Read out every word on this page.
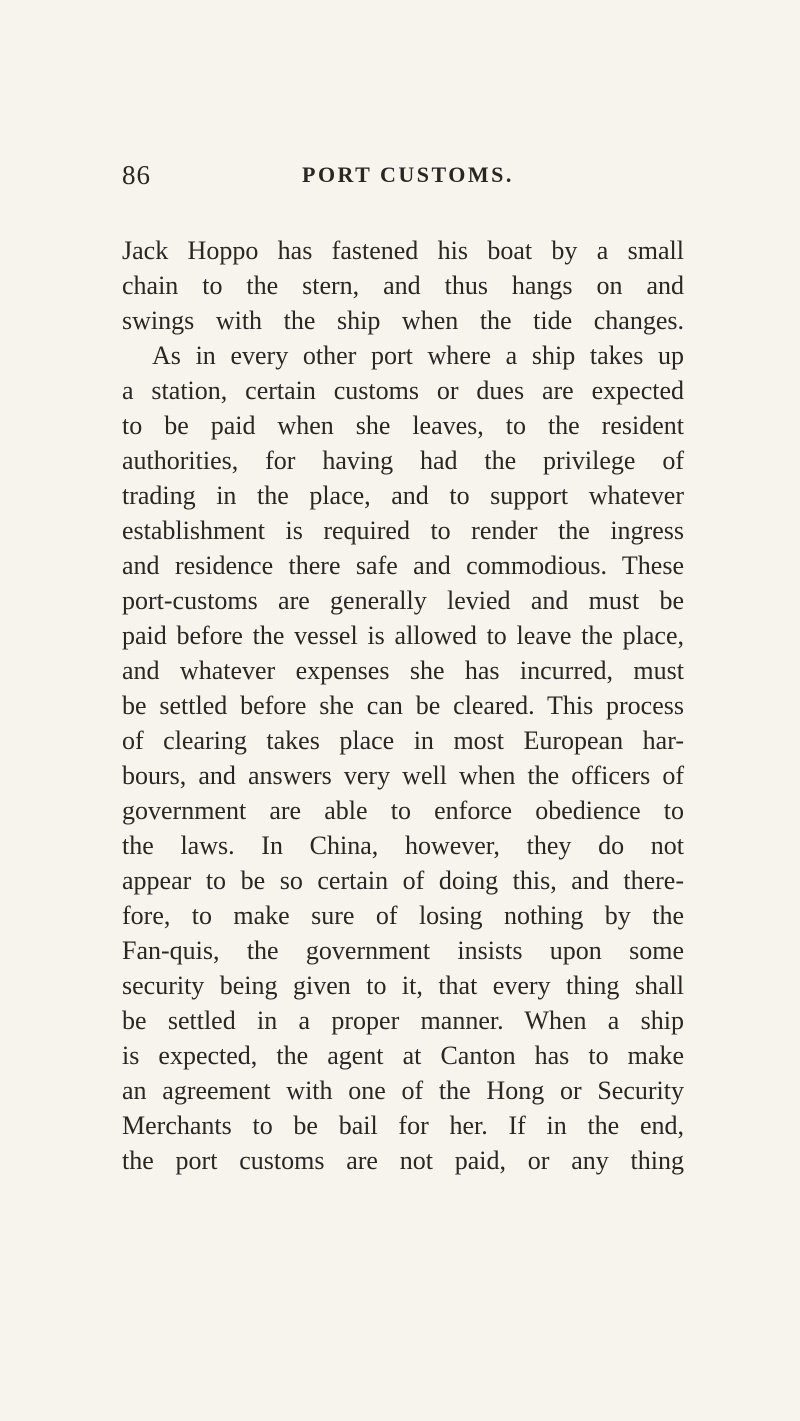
86	PORT CUSTOMS.
Jack Hoppo has fastened his boat by a small
chain to the stern, and thus hangs on and
swings with the ship when the tide changes.
As in every other port where a ship takes up
a station, certain customs or dues are expected
to be paid when she leaves, to the resident
authorities, for having had the privilege of
trading in the place, and to support whatever
establishment is required to render the ingress
and residence there safe and commodious. These
port-customs are generally levied and must be
paid before the vessel is allowed to leave the place,
and whatever expenses she has incurred, must
be settled before she can be cleared. This process
of clearing takes place in most European har-
bours, and answers very well when the officers of
government are able to enforce obedience to
the laws. In China, however, they do not
appear to be so certain of doing this, and there-
fore, to make sure of losing nothing by the
Fan-quis, the government insists upon some
security being given to it, that every thing shall
be settled in a proper manner. When a ship
is expected, the agent at Canton has to make
an agreement with one of the Hong or Security
Merchants to be bail for her. If in the end,
the port customs are not paid, or any thing
